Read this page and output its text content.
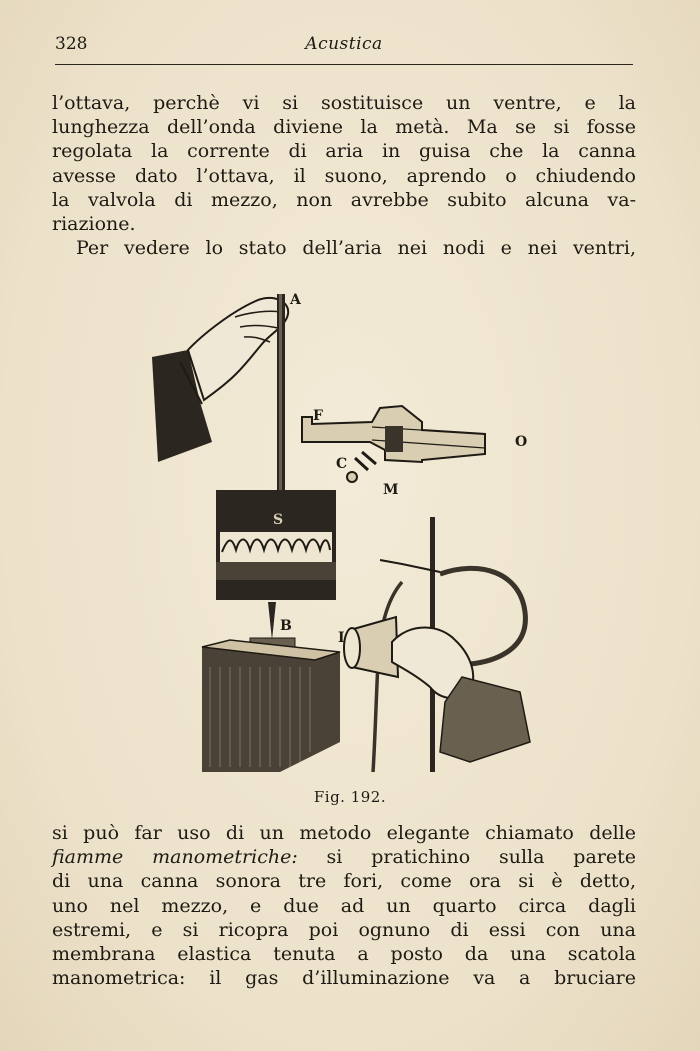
328	Acustica
l’ottava, perchè vi si sostituisce un ventre, e la
lunghezza dell’onda diviene la metà. Ma se si fosse
regolata la corrente di aria in guisa che la canna
avesse dato l’ottava, il suono, aprendo o chiudendo
la valvola di mezzo, non avrebbe subito alcuna va-
riazione.
Per vedere lo stato dell’aria nei nodi e nei ventri,
A
F
O
C
M
S
B
I
Fig. 192.
si può far uso di un metodo elegante chiamato delle
fiamme manometriche: si pratichino sulla parete
di una canna sonora tre fori, come ora si è detto,
uno nel mezzo, e due ad un quarto circa dagli
estremi, e si ricopra poi ognuno di essi con una
membrana elastica tenuta a posto da una scatola
manometrica: il gas d’illuminazione va a bruciare
